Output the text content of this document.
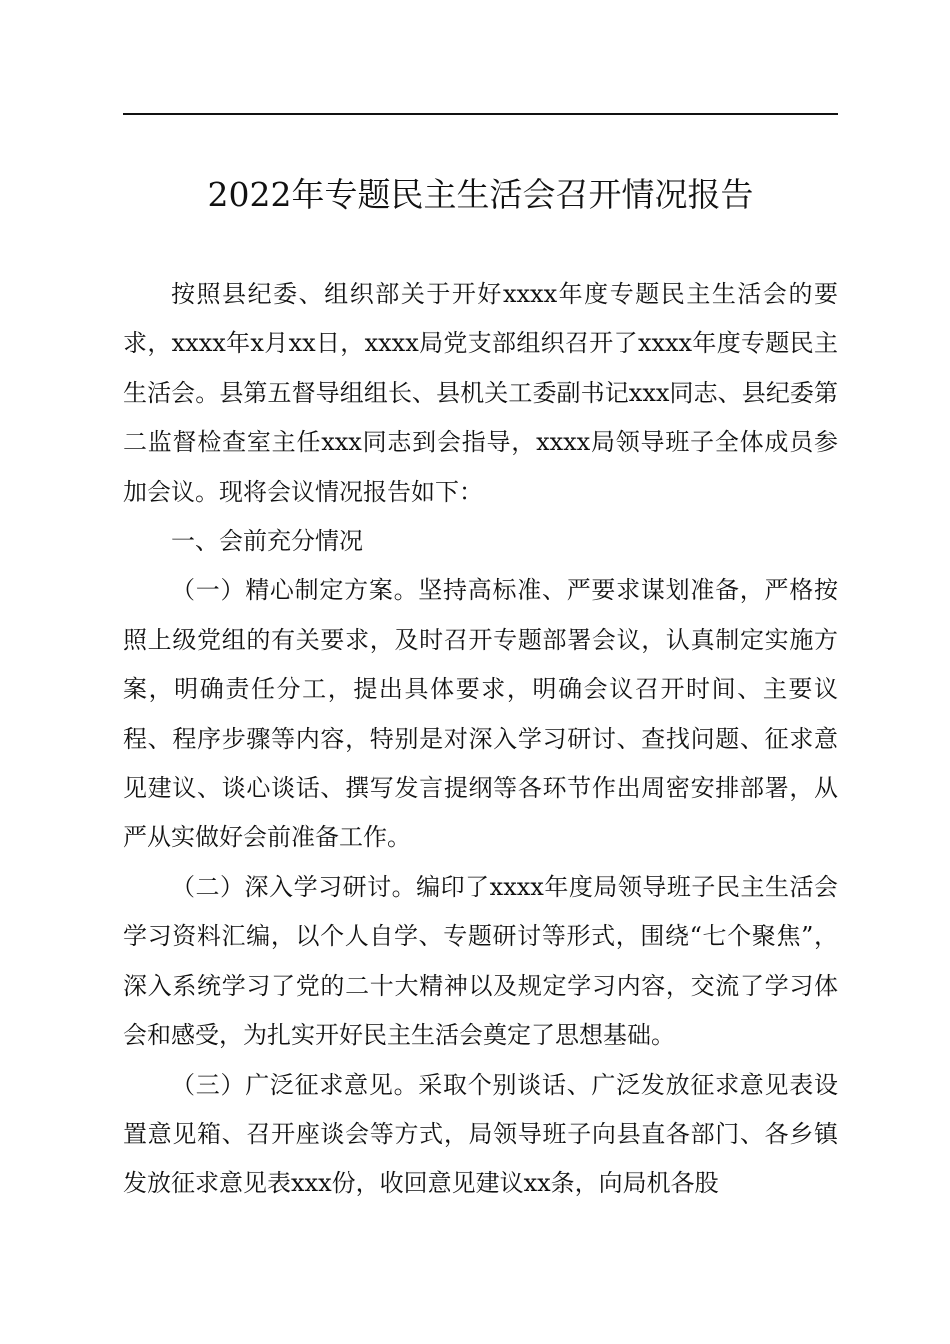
2022年专题民主生活会召开情况报告

按照县纪委、组织部关于开好xxxx年度专题民主生活会的要求，xxxx年x月xx日，xxxx局党支部组织召开了xxxx年度专题民主生活会。县第五督导组组长、县机关工委副书记xxx同志、县纪委第二监督检查室主任xxx同志到会指导，xxxx局领导班子全体成员参加会议。现将会议情况报告如下：

一、会前充分情况

（一）精心制定方案。坚持高标准、严要求谋划准备，严格按照上级党组的有关要求，及时召开专题部署会议，认真制定实施方案，明确责任分工，提出具体要求，明确会议召开时间、主要议程、程序步骤等内容，特别是对深入学习研讨、查找问题、征求意见建议、谈心谈话、撰写发言提纲等各环节作出周密安排部署，从严从实做好会前准备工作。

（二）深入学习研讨。编印了xxxx年度局领导班子民主生活会学习资料汇编，以个人自学、专题研讨等形式，围绕“七个聚焦”，深入系统学习了党的二十大精神以及规定学习内容，交流了学习体会和感受，为扎实开好民主生活会奠定了思想基础。

（三）广泛征求意见。采取个别谈话、广泛发放征求意见表设置意见箱、召开座谈会等方式，局领导班子向县直各部门、各乡镇发放征求意见表xxx份，收回意见建议xx条，向局机各股
